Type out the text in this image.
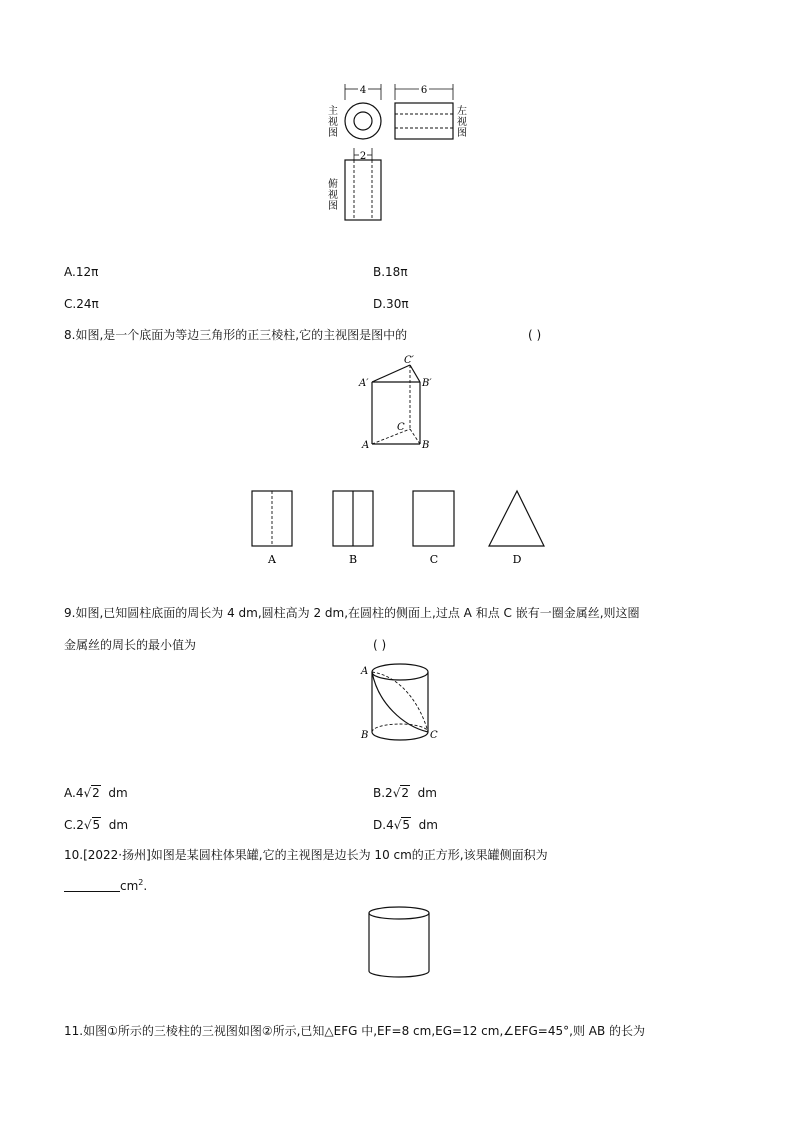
4	6
2
主
视
图
左
视
图
俯
视
图
A.12π	B.18π
C.24π	D.30π
8.如图,是一个底面为等边三角形的正三棱柱,它的主视图是图中的	( )
C′
A′	B′
C
A	B
A	B	C	D
9.如图,已知圆柱底面的周长为 4 dm,圆柱高为 2 dm,在圆柱的侧面上,过点 A 和点 C 嵌有一圈金属丝,则这圈
金属丝的周长的最小值为	( )
A
B	C
A.4√2 dm	B.2√2 dm
C.2√5 dm	D.4√5 dm
10.[2022·扬州]如图是某圆柱体果罐,它的主视图是边长为 10 cm的正方形,该果罐侧面积为
$cm^2$.
11.如图①所示的三棱柱的三视图如图②所示,已知△EFG 中,EF=8 cm,EG=12 cm,∠EFG=45°,则 AB 的长为
